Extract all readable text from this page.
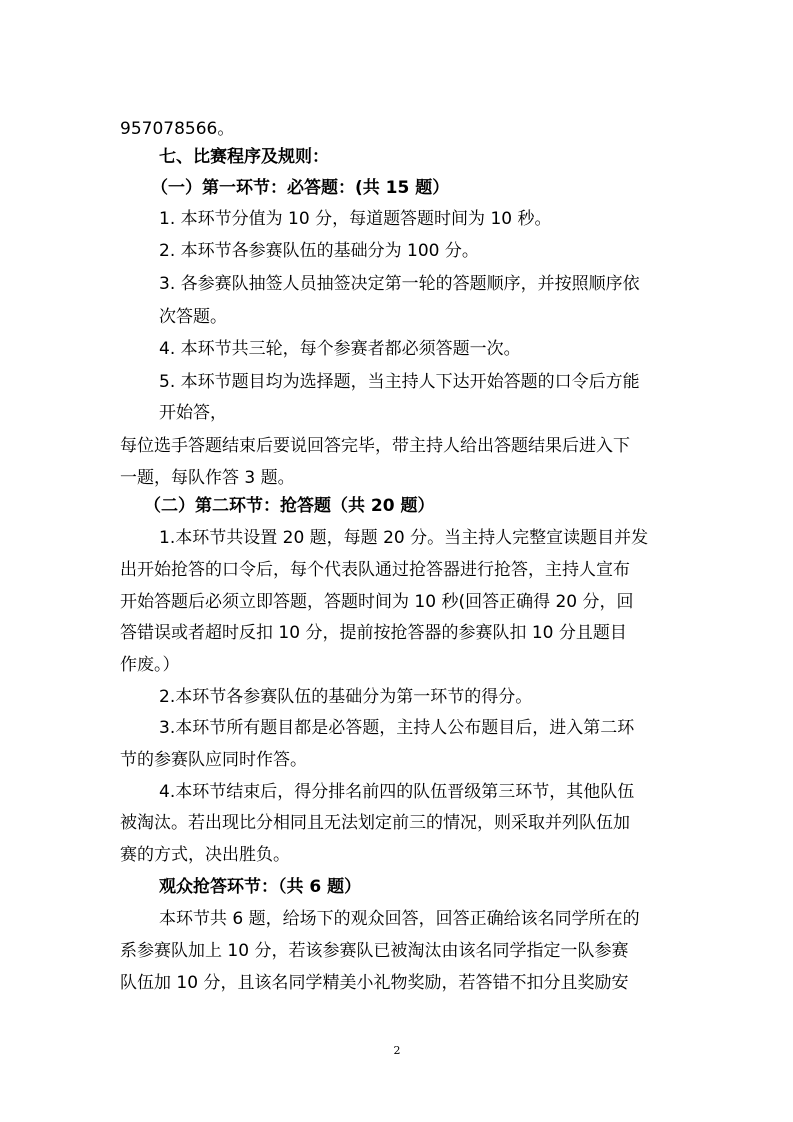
957078566。
七、比赛程序及规则：
（一）第一环节：必答题：(共 15 题）
1. 本环节分值为 10 分，每道题答题时间为 10 秒。
2. 本环节各参赛队伍的基础分为 100 分。
3. 各参赛队抽签人员抽签决定第一轮的答题顺序，并按照顺序依
次答题。
4. 本环节共三轮，每个参赛者都必须答题一次。
5. 本环节题目均为选择题，当主持人下达开始答题的口令后方能
开始答，
每位选手答题结束后要说回答完毕，带主持人给出答题结果后进入下
一题，每队作答 3 题。
（二）第二环节：抢答题（共 20 题）
1.本环节共设置 20 题，每题 20 分。当主持人完整宣读题目并发
出开始抢答的口令后，每个代表队通过抢答器进行抢答，主持人宣布
开始答题后必须立即答题，答题时间为 10 秒(回答正确得 20 分，回
答错误或者超时反扣 10 分，提前按抢答器的参赛队扣 10 分且题目
作废。）
2.本环节各参赛队伍的基础分为第一环节的得分。
3.本环节所有题目都是必答题，主持人公布题目后，进入第二环
节的参赛队应同时作答。
4.本环节结束后，得分排名前四的队伍晋级第三环节，其他队伍
被淘汰。若出现比分相同且无法划定前三的情况，则采取并列队伍加
赛的方式，决出胜负。
观众抢答环节：（共 6 题）
本环节共 6 题，给场下的观众回答，回答正确给该名同学所在的
系参赛队加上 10 分，若该参赛队已被淘汰由该名同学指定一队参赛
队伍加 10 分，且该名同学精美小礼物奖励，若答错不扣分且奖励安
2
